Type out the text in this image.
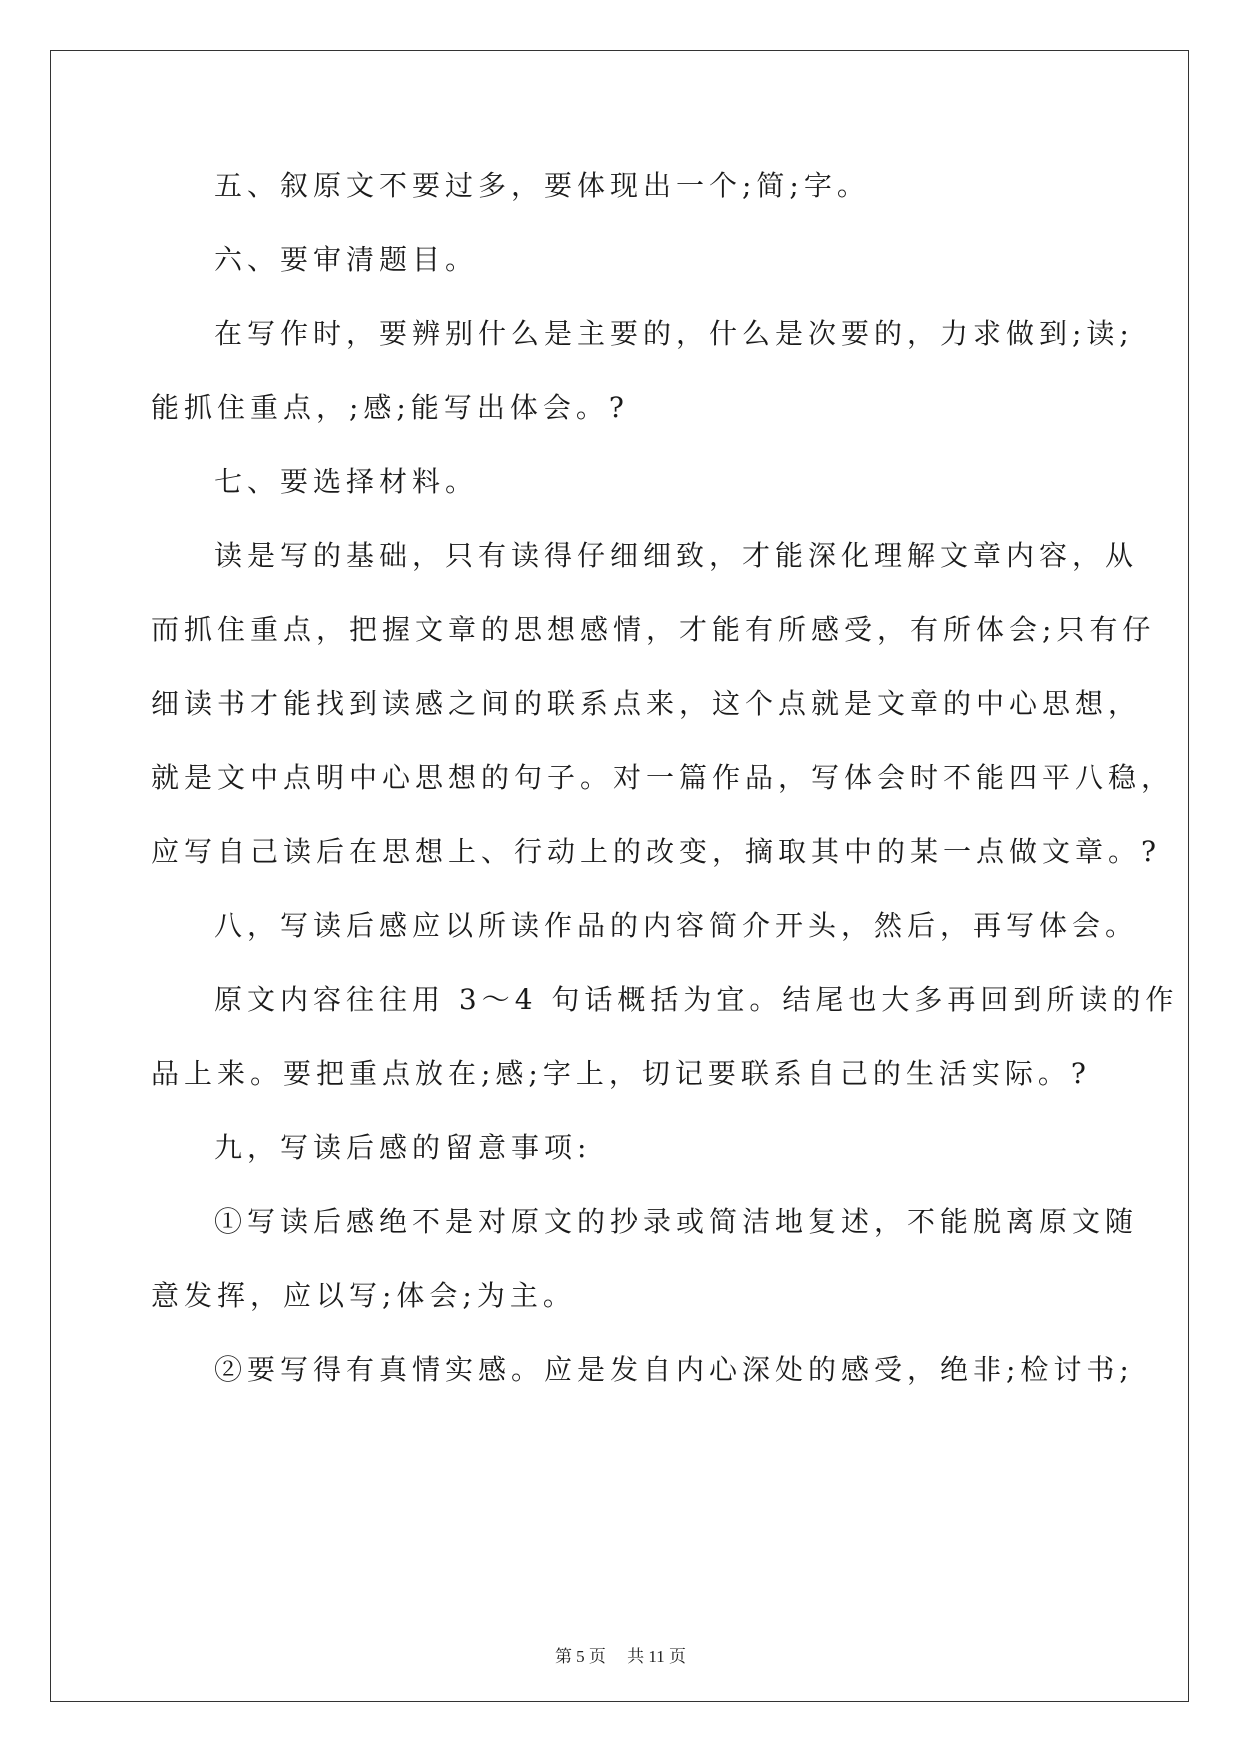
五、叙原文不要过多，要体现出一个;简;字。
六、要审清题目。
在写作时，要辨别什么是主要的，什么是次要的，力求做到;读;
能抓住重点，;感;能写出体会。?
七、要选择材料。
读是写的基础，只有读得仔细细致，才能深化理解文章内容，从
而抓住重点，把握文章的思想感情，才能有所感受，有所体会;只有仔
细读书才能找到读感之间的联系点来，这个点就是文章的中心思想，
就是文中点明中心思想的句子。对一篇作品，写体会时不能四平八稳，
应写自己读后在思想上、行动上的改变，摘取其中的某一点做文章。?
八，写读后感应以所读作品的内容简介开头，然后，再写体会。
原文内容往往用 3～4 句话概括为宜。结尾也大多再回到所读的作
品上来。要把重点放在;感;字上，切记要联系自己的生活实际。?
九，写读后感的留意事项:
①写读后感绝不是对原文的抄录或简洁地复述，不能脱离原文随
意发挥，应以写;体会;为主。
②要写得有真情实感。应是发自内心深处的感受，绝非;检讨书;
第 5 页　 共 11 页
